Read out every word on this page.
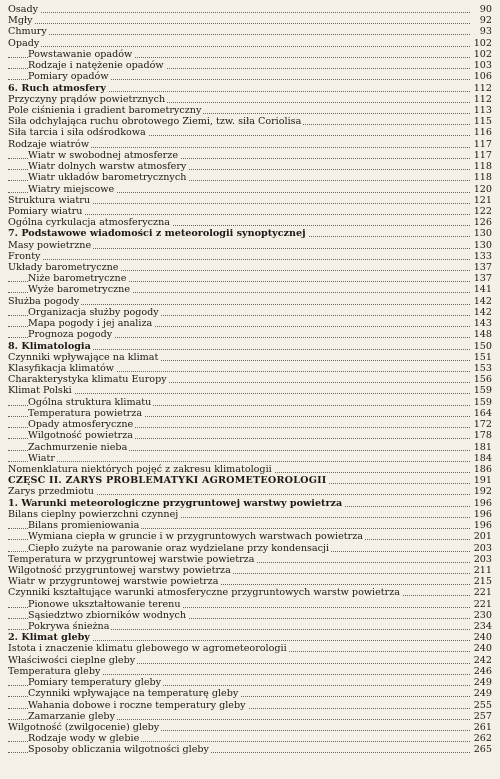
Osady	90
Mgły	92
Chmury	93
Opady	102
Powstawanie opadów	102
Rodzaje i natężenie opadów	103
Pomiary opadów	106
6. Ruch atmosfery	112
Przyczyny prądów powietrznych	112
Pole ciśnienia i gradient barometryczny	113
Siła odchylająca ruchu obrotowego Ziemi, tzw. siła Coriolisa	115
Siła tarcia i siła odśrodkowa	116
Rodzaje wiatrów	117
Wiatr w swobodnej atmosferze	117
Wiatr dolnych warstw atmosfery	118
Wiatr układów barometrycznych	118
Wiatry miejscowe	120
Struktura wiatru	121
Pomiary wiatru	122
Ogólna cyrkulacja atmosferyczna	126
7. Podstawowe wiadomości z meteorologii synoptycznej	130
Masy powietrzne	130
Fronty	133
Układy barometryczne	137
Niże barometryczne	137
Wyże barometryczne	141
Służba pogody	142
Organizacja służby pogody	142
Mapa pogody i jej analiza	143
Prognoza pogody	148
8. Klimatologia	150
Czynniki wpływające na klimat	151
Klasyfikacja klimatów	153
Charakterystyka klimatu Europy	156
Klimat Polski	159
Ogólna struktura klimatu	159
Temperatura powietrza	164
Opady atmosferyczne	172
Wilgotność powietrza	178
Zachmurzenie nieba	181
Wiatr	184
Nomenklatura niektórych pojęć z zakresu klimatologii	186
CZĘŚĆ II. ZARYS PROBLEMATYKI AGROMETEOROLOGII	191
Zarys przedmiotu	192
1. Warunki meteorologiczne przygruntowej warstwy powietrza	196
Bilans cieplny powierzchni czynnej	196
Bilans promieniowania	196
Wymiana ciepła w gruncie i w przygruntowych warstwach powietrza	201
Ciepło zużyte na parowanie oraz wydzielane przy kondensacji	203
Temperatura w przygruntowej warstwie powietrza	203
Wilgotność przygruntowej warstwy powietrza	211
Wiatr w przygruntowej warstwie powietrza	215
Czynniki kształtujące warunki atmosferyczne przygruntowych warstw powietrza	221
Pionowe ukształtowanie terenu	221
Sąsiedztwo zbiorników wodnych	230
Pokrywa śnieżna	234
2. Klimat gleby	240
Istota i znaczenie klimatu glebowego w agrometeorologii	240
Właściwości cieplne gleby	242
Temperatura gleby	246
Pomiary temperatury gleby	249
Czynniki wpływające na temperaturę gleby	249
Wahania dobowe i roczne temperatury gleby	255
Zamarzanie gleby	257
Wilgotność (zwilgocenie) gleby	261
Rodzaje wody w glebie	262
Sposoby obliczania wilgotności gleby	265
